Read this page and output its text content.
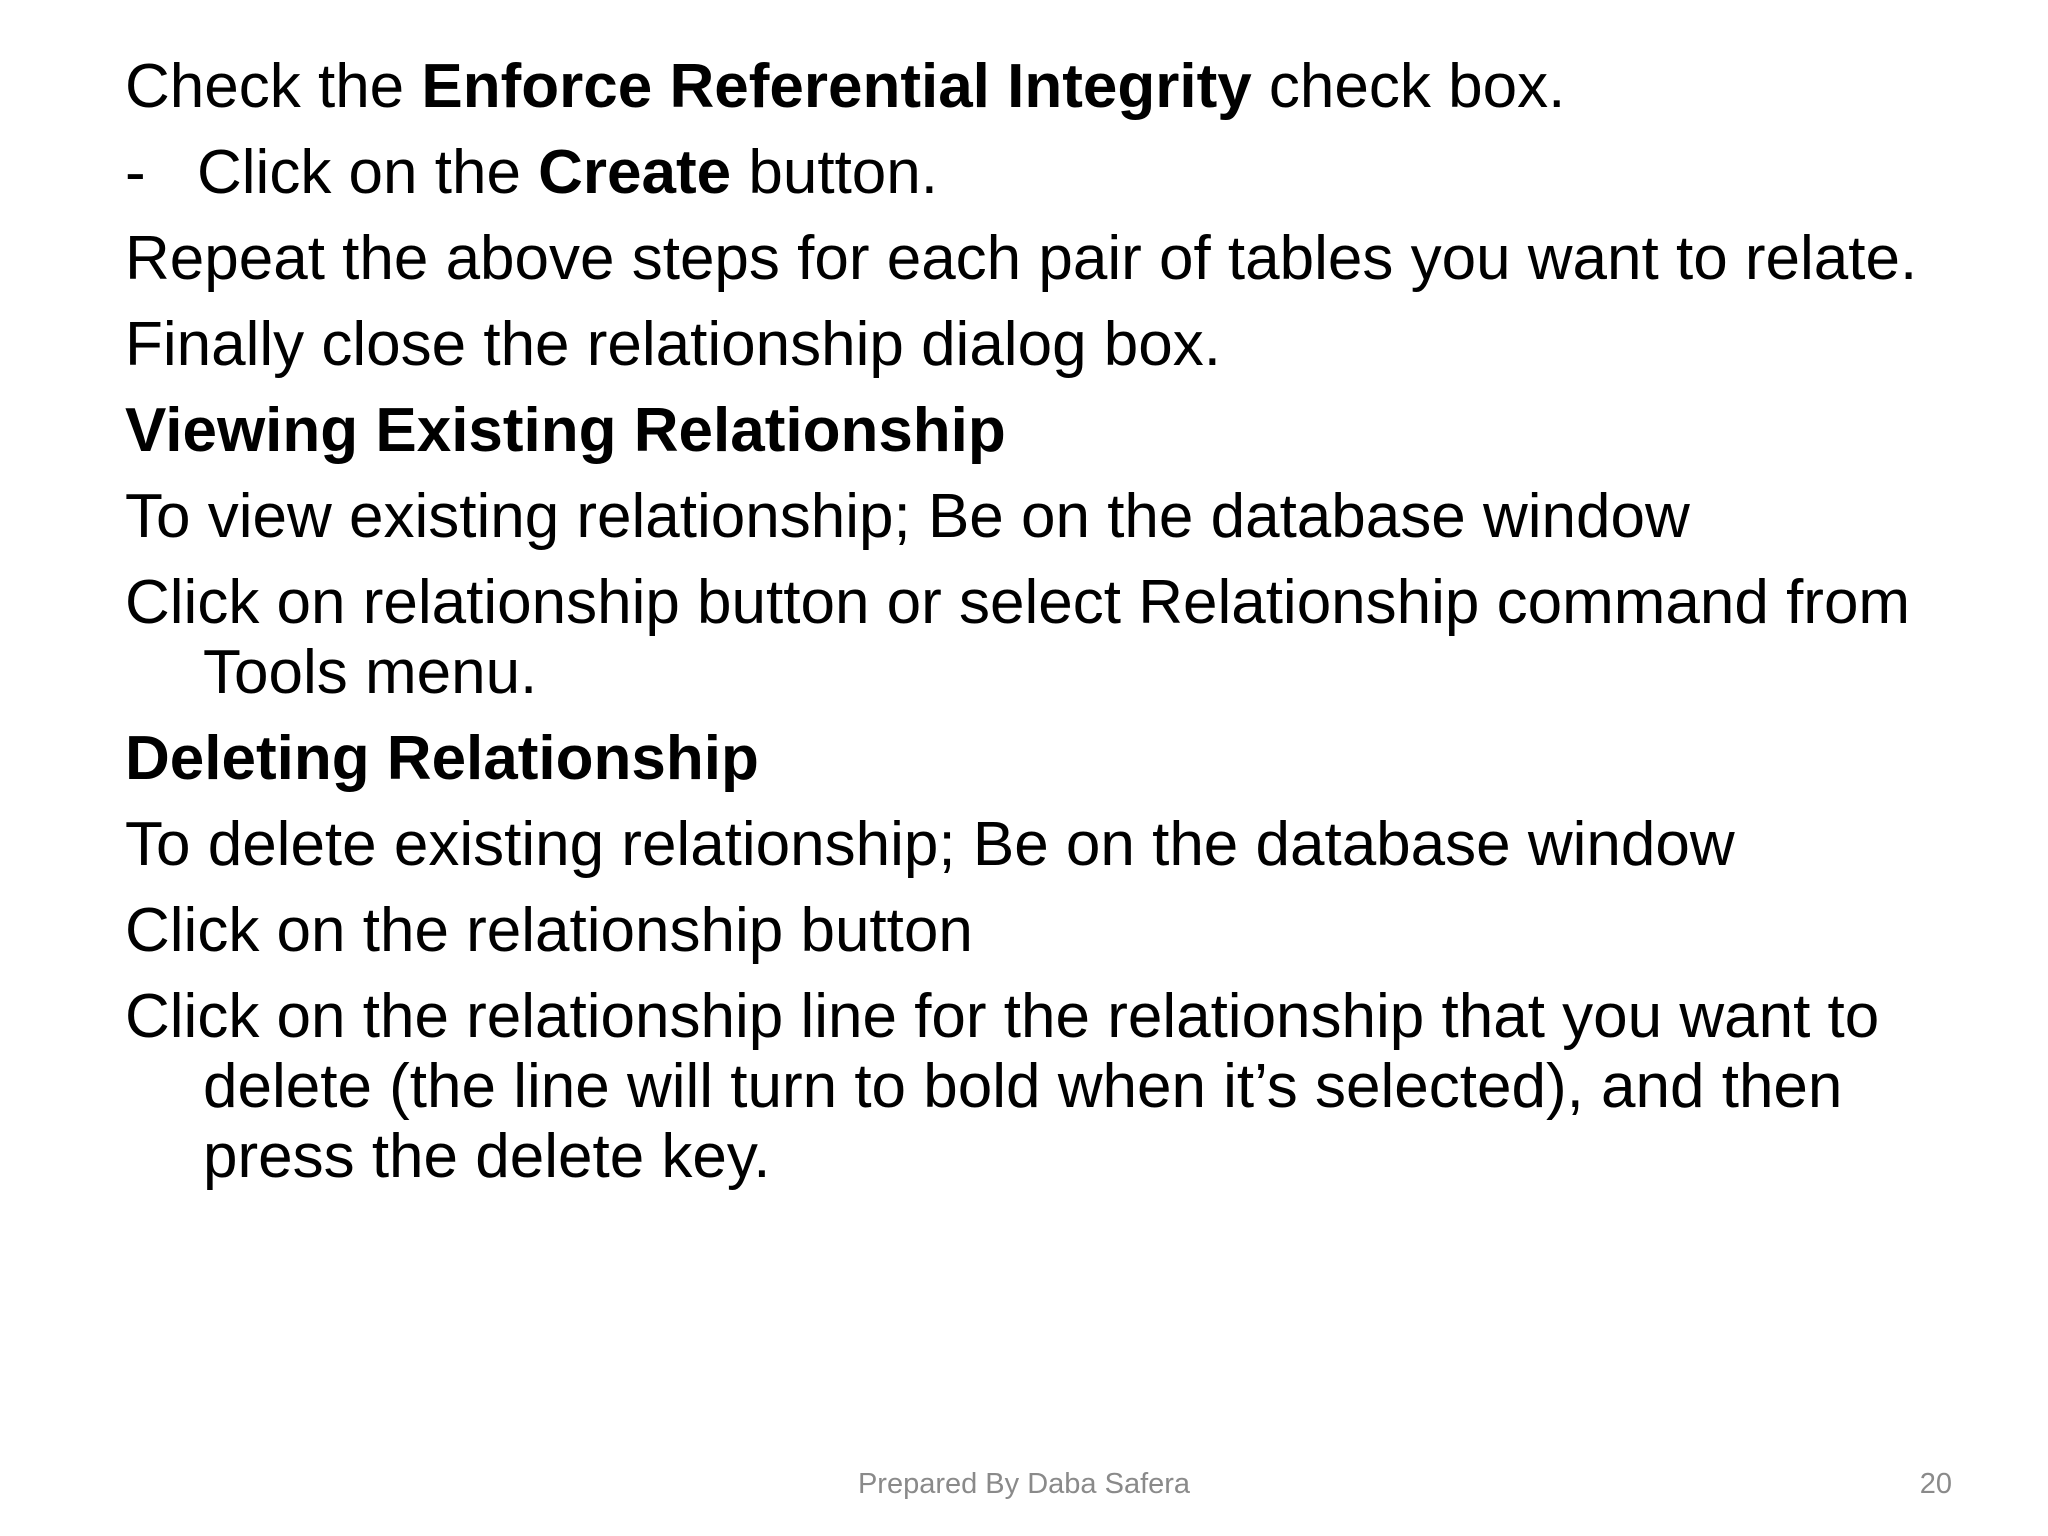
Check the Enforce Referential Integrity check box.

- Click on the Create button.

Repeat the above steps for each pair of tables you want to relate.

Finally close the relationship dialog box.

Viewing Existing Relationship

To view existing relationship; Be on the database window

Click on relationship button or select Relationship command from Tools menu.

Deleting Relationship

To delete existing relationship; Be on the database window

Click on the relationship button

Click on the relationship line for the relationship that you want to delete (the line will turn to bold when it’s selected), and then press the delete key.

Prepared By Daba Safera	20
